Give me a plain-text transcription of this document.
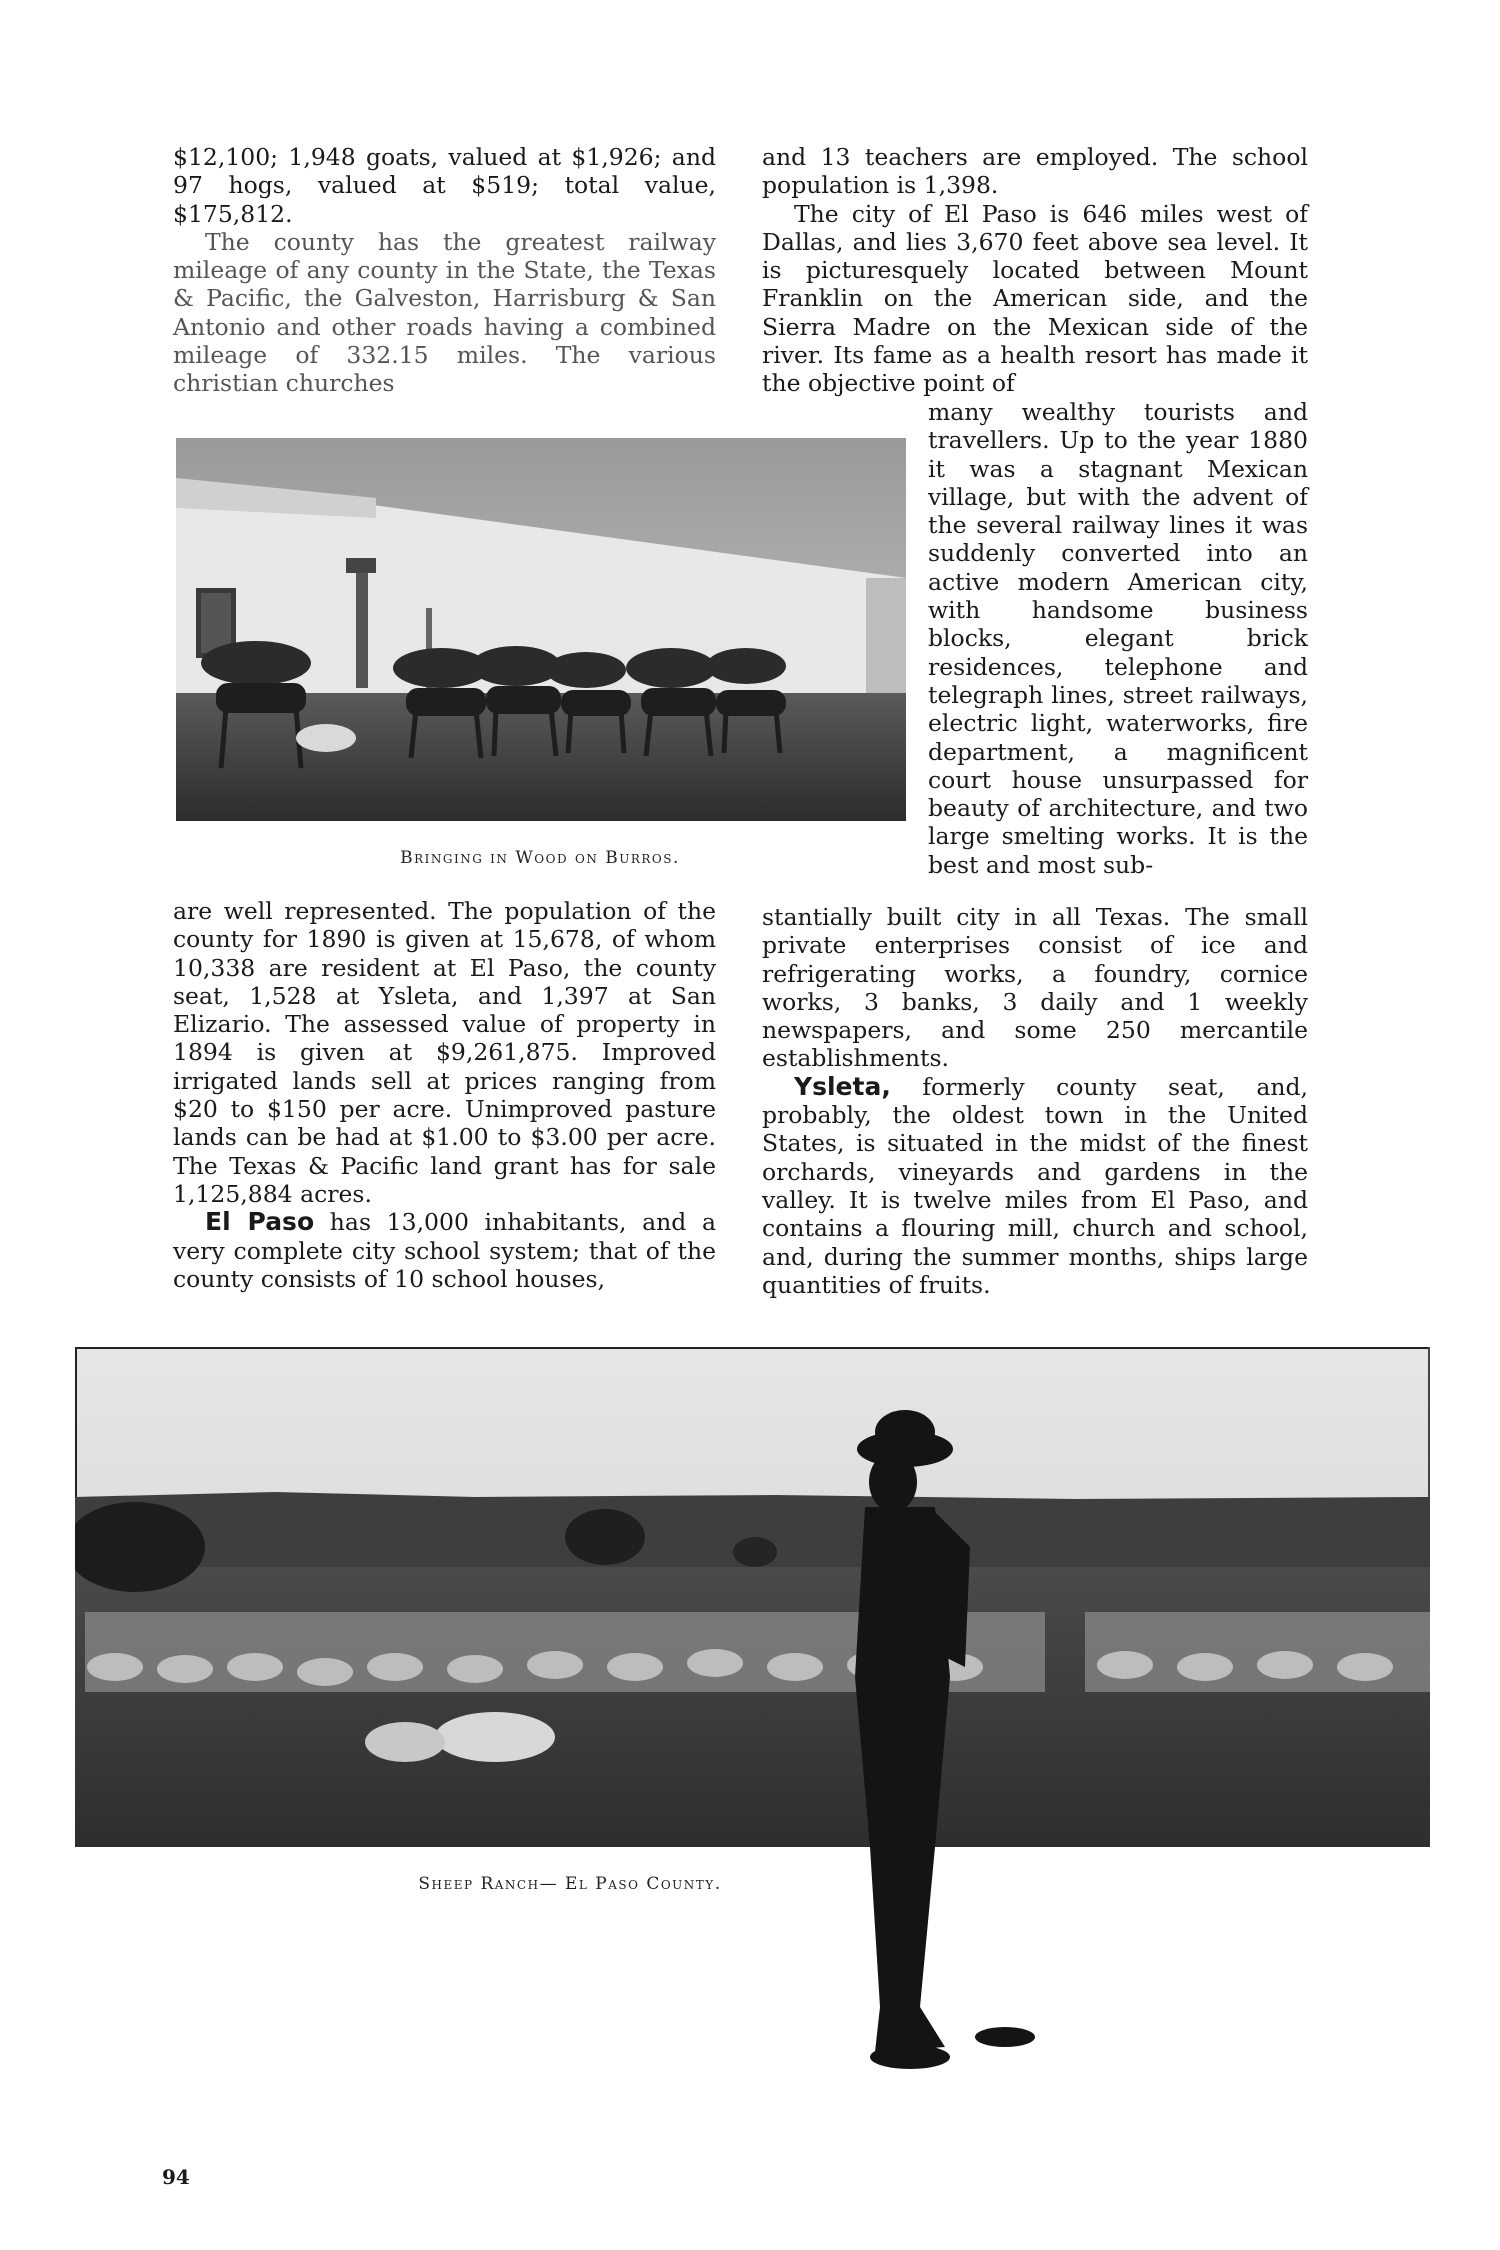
$12,100; 1,948 goats, valued at $1,926; and 97 hogs, valued at $519; total value, $175,812.

The county has the greatest railway mileage of any county in the State, the Texas & Pacific, the Galveston, Harrisburg & San Antonio and other roads having a combined mileage of 332.15 miles. The various christian churches

Bringing in Wood on Burros.

are well represented. The population of the county for 1890 is given at 15,678, of whom 10,338 are resident at El Paso, the county seat, 1,528 at Ysleta, and 1,397 at San Elizario. The assessed value of property in 1894 is given at $9,261,875. Improved irrigated lands sell at prices ranging from $20 to $150 per acre. Unimproved pasture lands can be had at $1.00 to $3.00 per acre. The Texas & Pacific land grant has for sale 1,125,884 acres.

El Paso has 13,000 inhabitants, and a very complete city school system; that of the county consists of 10 school houses,

and 13 teachers are employed. The school population is 1,398.

The city of El Paso is 646 miles west of Dallas, and lies 3,670 feet above sea level. It is picturesquely located between Mount Franklin on the American side, and the Sierra Madre on the Mexican side of the river. Its fame as a health resort has made it the objective point of

many wealthy tourists and travellers. Up to the year 1880 it was a stagnant Mexican village, but with the advent of the several railway lines it was suddenly converted into an active modern American city, with handsome business blocks, elegant brick residences, telephone and telegraph lines, street railways, electric light, waterworks, fire department, a magnificent court house unsurpassed for beauty of architecture, and two large smelting works. It is the best and most sub-

stantially built city in all Texas. The small private enterprises consist of ice and refrigerating works, a foundry, cornice works, 3 banks, 3 daily and 1 weekly newspapers, and some 250 mercantile establishments.

Ysleta, formerly county seat, and, probably, the oldest town in the United States, is situated in the midst of the finest orchards, vineyards and gardens in the valley. It is twelve miles from El Paso, and contains a flouring mill, church and school, and, during the summer months, ships large quantities of fruits.

Sheep Ranch— El Paso County.
94
